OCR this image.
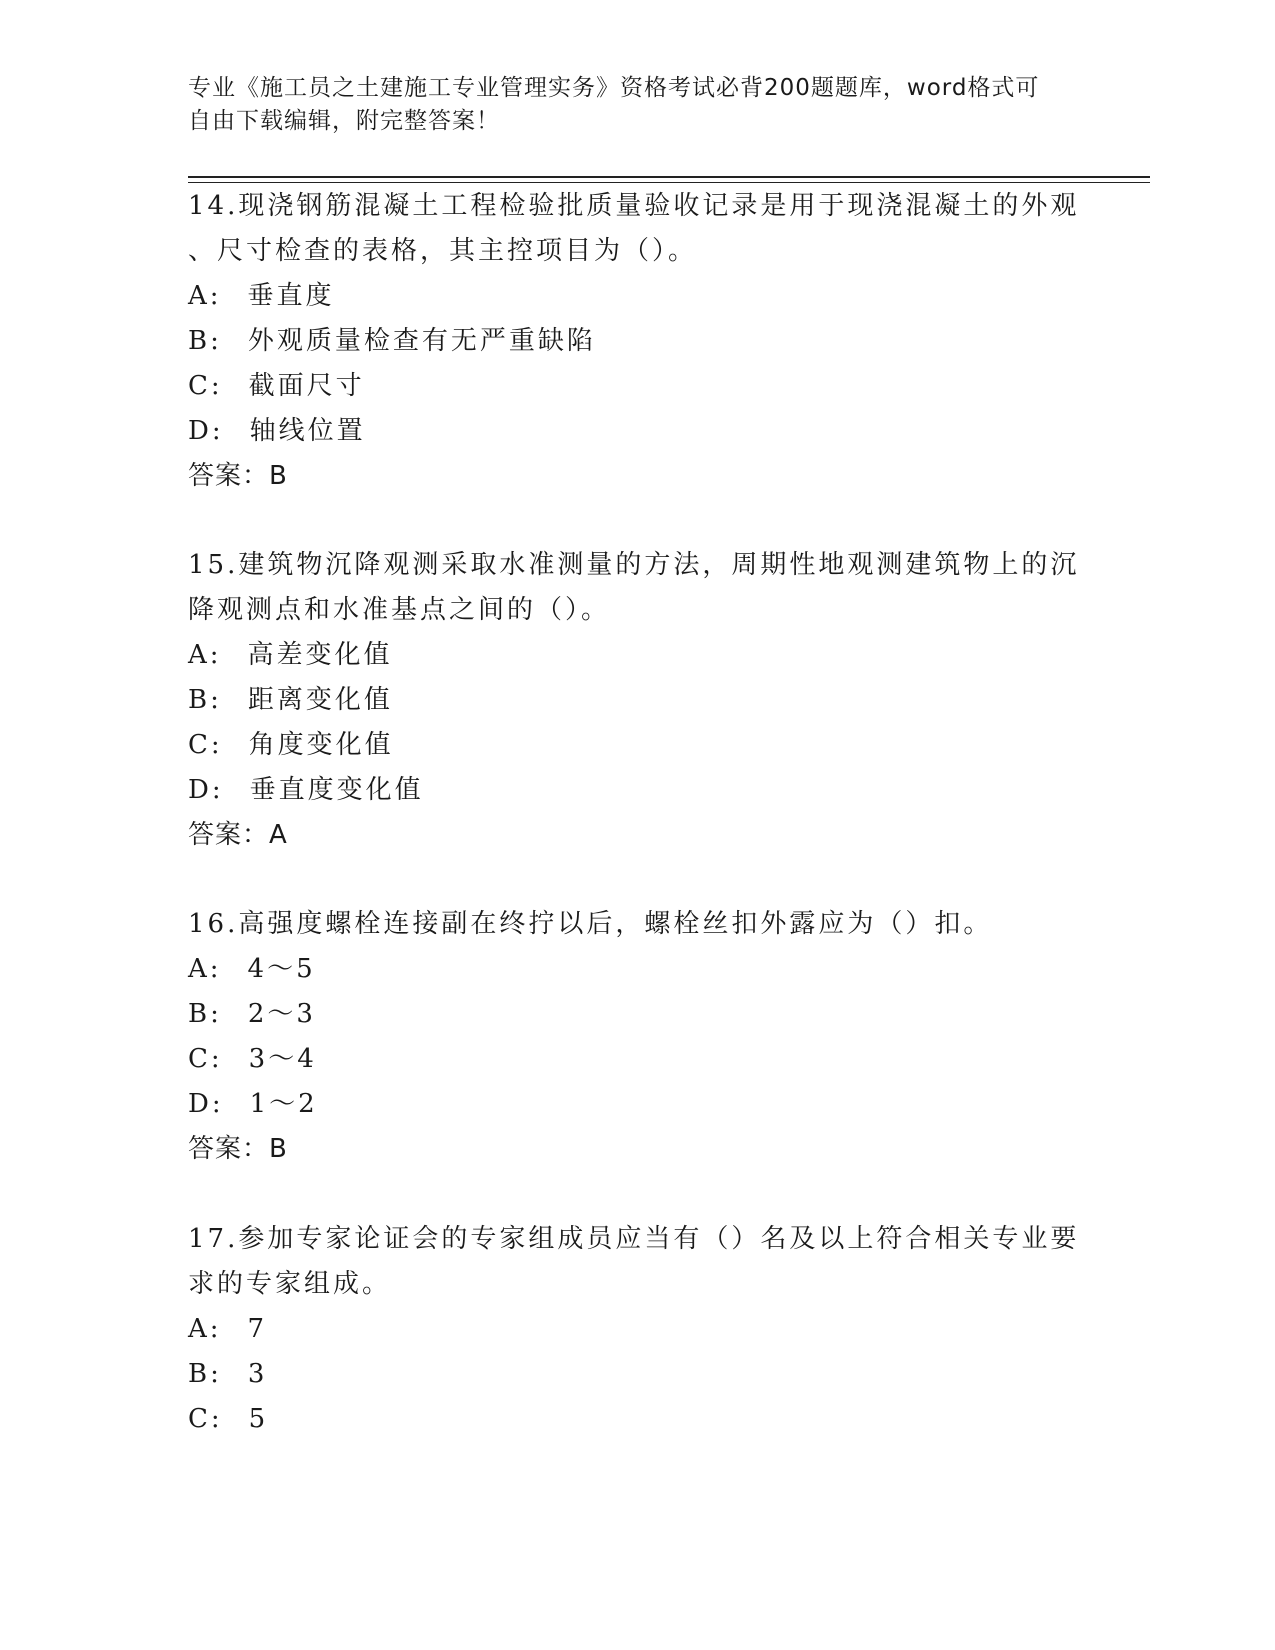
专业《施工员之土建施工专业管理实务》资格考试必背200题题库，word格式可
自由下载编辑，附完整答案！
14.现浇钢筋混凝土工程检验批质量验收记录是用于现浇混凝土的外观
、尺寸检查的表格，其主控项目为（）。
A: 垂直度
B: 外观质量检查有无严重缺陷
C: 截面尺寸
D: 轴线位置
答案：B
15.建筑物沉降观测采取水准测量的方法，周期性地观测建筑物上的沉
降观测点和水准基点之间的（）。
A: 高差变化值
B: 距离变化值
C: 角度变化值
D: 垂直度变化值
答案：A
16.高强度螺栓连接副在终拧以后，螺栓丝扣外露应为（）扣。
A: 4～5
B: 2～3
C: 3～4
D: 1～2
答案：B
17.参加专家论证会的专家组成员应当有（）名及以上符合相关专业要
求的专家组成。
A: 7
B: 3
C: 5
